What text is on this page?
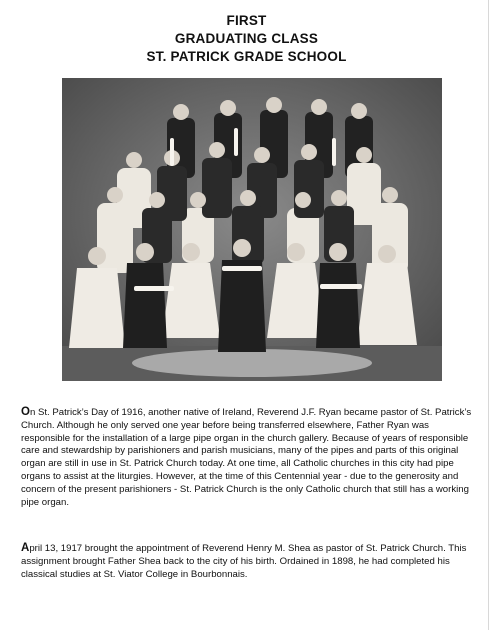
FIRST
GRADUATING CLASS
ST. PATRICK GRADE SCHOOL

On St. Patrick’s Day of 1916, another native of Ireland, Reverend J.F. Ryan became pastor of St. Patrick’s Church. Although he only served one year before being transferred elsewhere, Father Ryan was responsible for the installation of a large pipe organ in the church gallery. Because of years of responsible care and stewardship by parishioners and parish musicians, many of the pipes and parts of this original organ are still in use in St. Patrick Church today. At one time, all Catholic churches in this city had pipe organs to assist at the liturgies. However, at the time of this Centennial year - due to the generosity and concern of the present parishioners - St. Patrick Church is the only Catholic church that still has a working pipe organ.

April 13, 1917 brought the appointment of Reverend Henry M. Shea as pastor of St. Patrick Church. This assignment brought Father Shea back to the city of his birth. Ordained in 1898, he had completed his classical studies at St. Viator College in Bourbonnais.
